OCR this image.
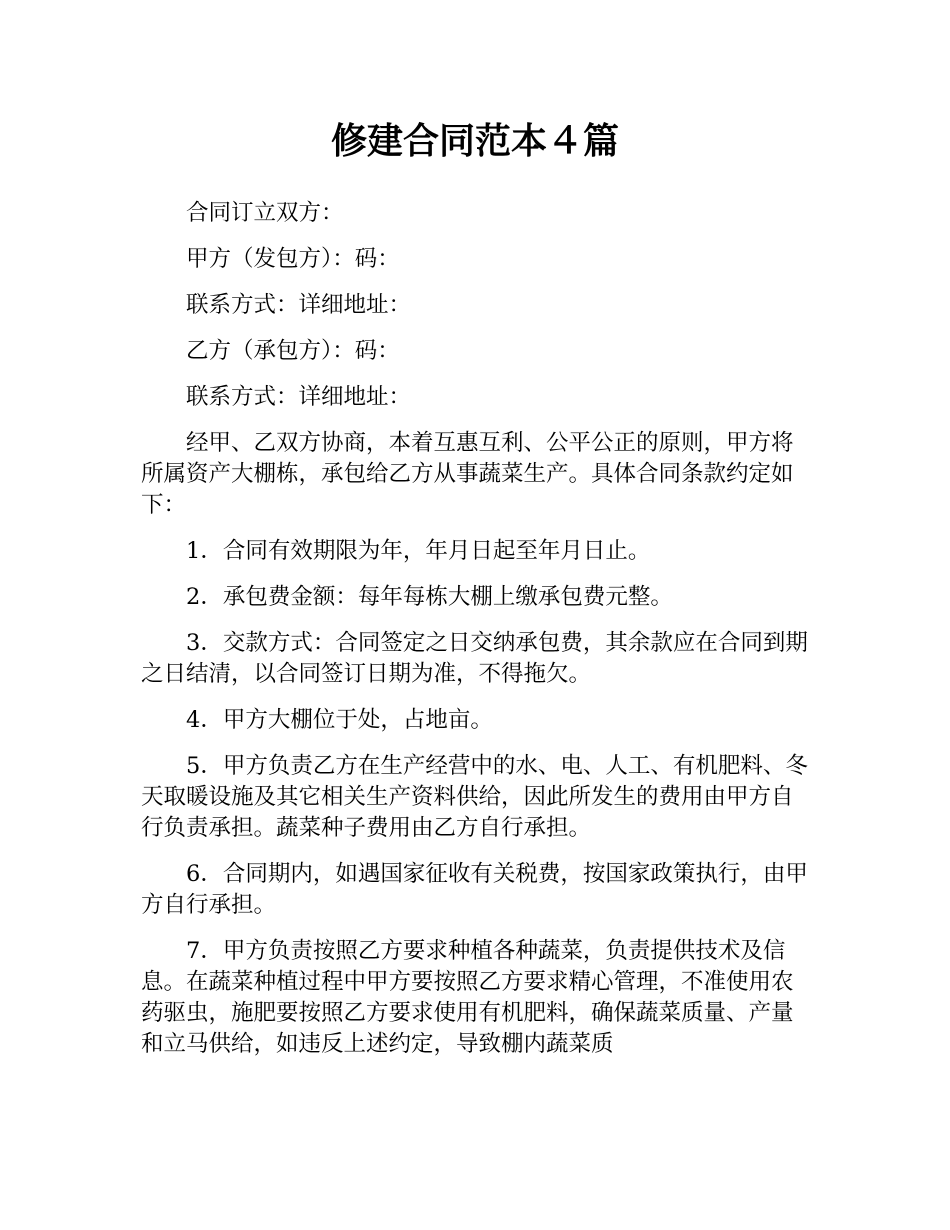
修建合同范本４篇

合同订立双方：

甲方（发包方）：码：

联系方式：详细地址：

乙方（承包方）：码：

联系方式：详细地址：

经甲、乙双方协商，本着互惠互利、公平公正的原则，甲方将所属资产大棚栋，承包给乙方从事蔬菜生产。具体合同条款约定如下：

1．合同有效期限为年，年月日起至年月日止。

2．承包费金额：每年每栋大棚上缴承包费元整。

3．交款方式：合同签定之日交纳承包费，其余款应在合同到期之日结清，以合同签订日期为准，不得拖欠。

4．甲方大棚位于处，占地亩。

5．甲方负责乙方在生产经营中的水、电、人工、有机肥料、冬天取暖设施及其它相关生产资料供给，因此所发生的费用由甲方自行负责承担。蔬菜种子费用由乙方自行承担。

6．合同期内，如遇国家征收有关税费，按国家政策执行，由甲方自行承担。

7．甲方负责按照乙方要求种植各种蔬菜，负责提供技术及信息。在蔬菜种植过程中甲方要按照乙方要求精心管理，不准使用农药驱虫，施肥要按照乙方要求使用有机肥料，确保蔬菜质量、产量和立马供给，如违反上述约定，导致棚内蔬菜质
